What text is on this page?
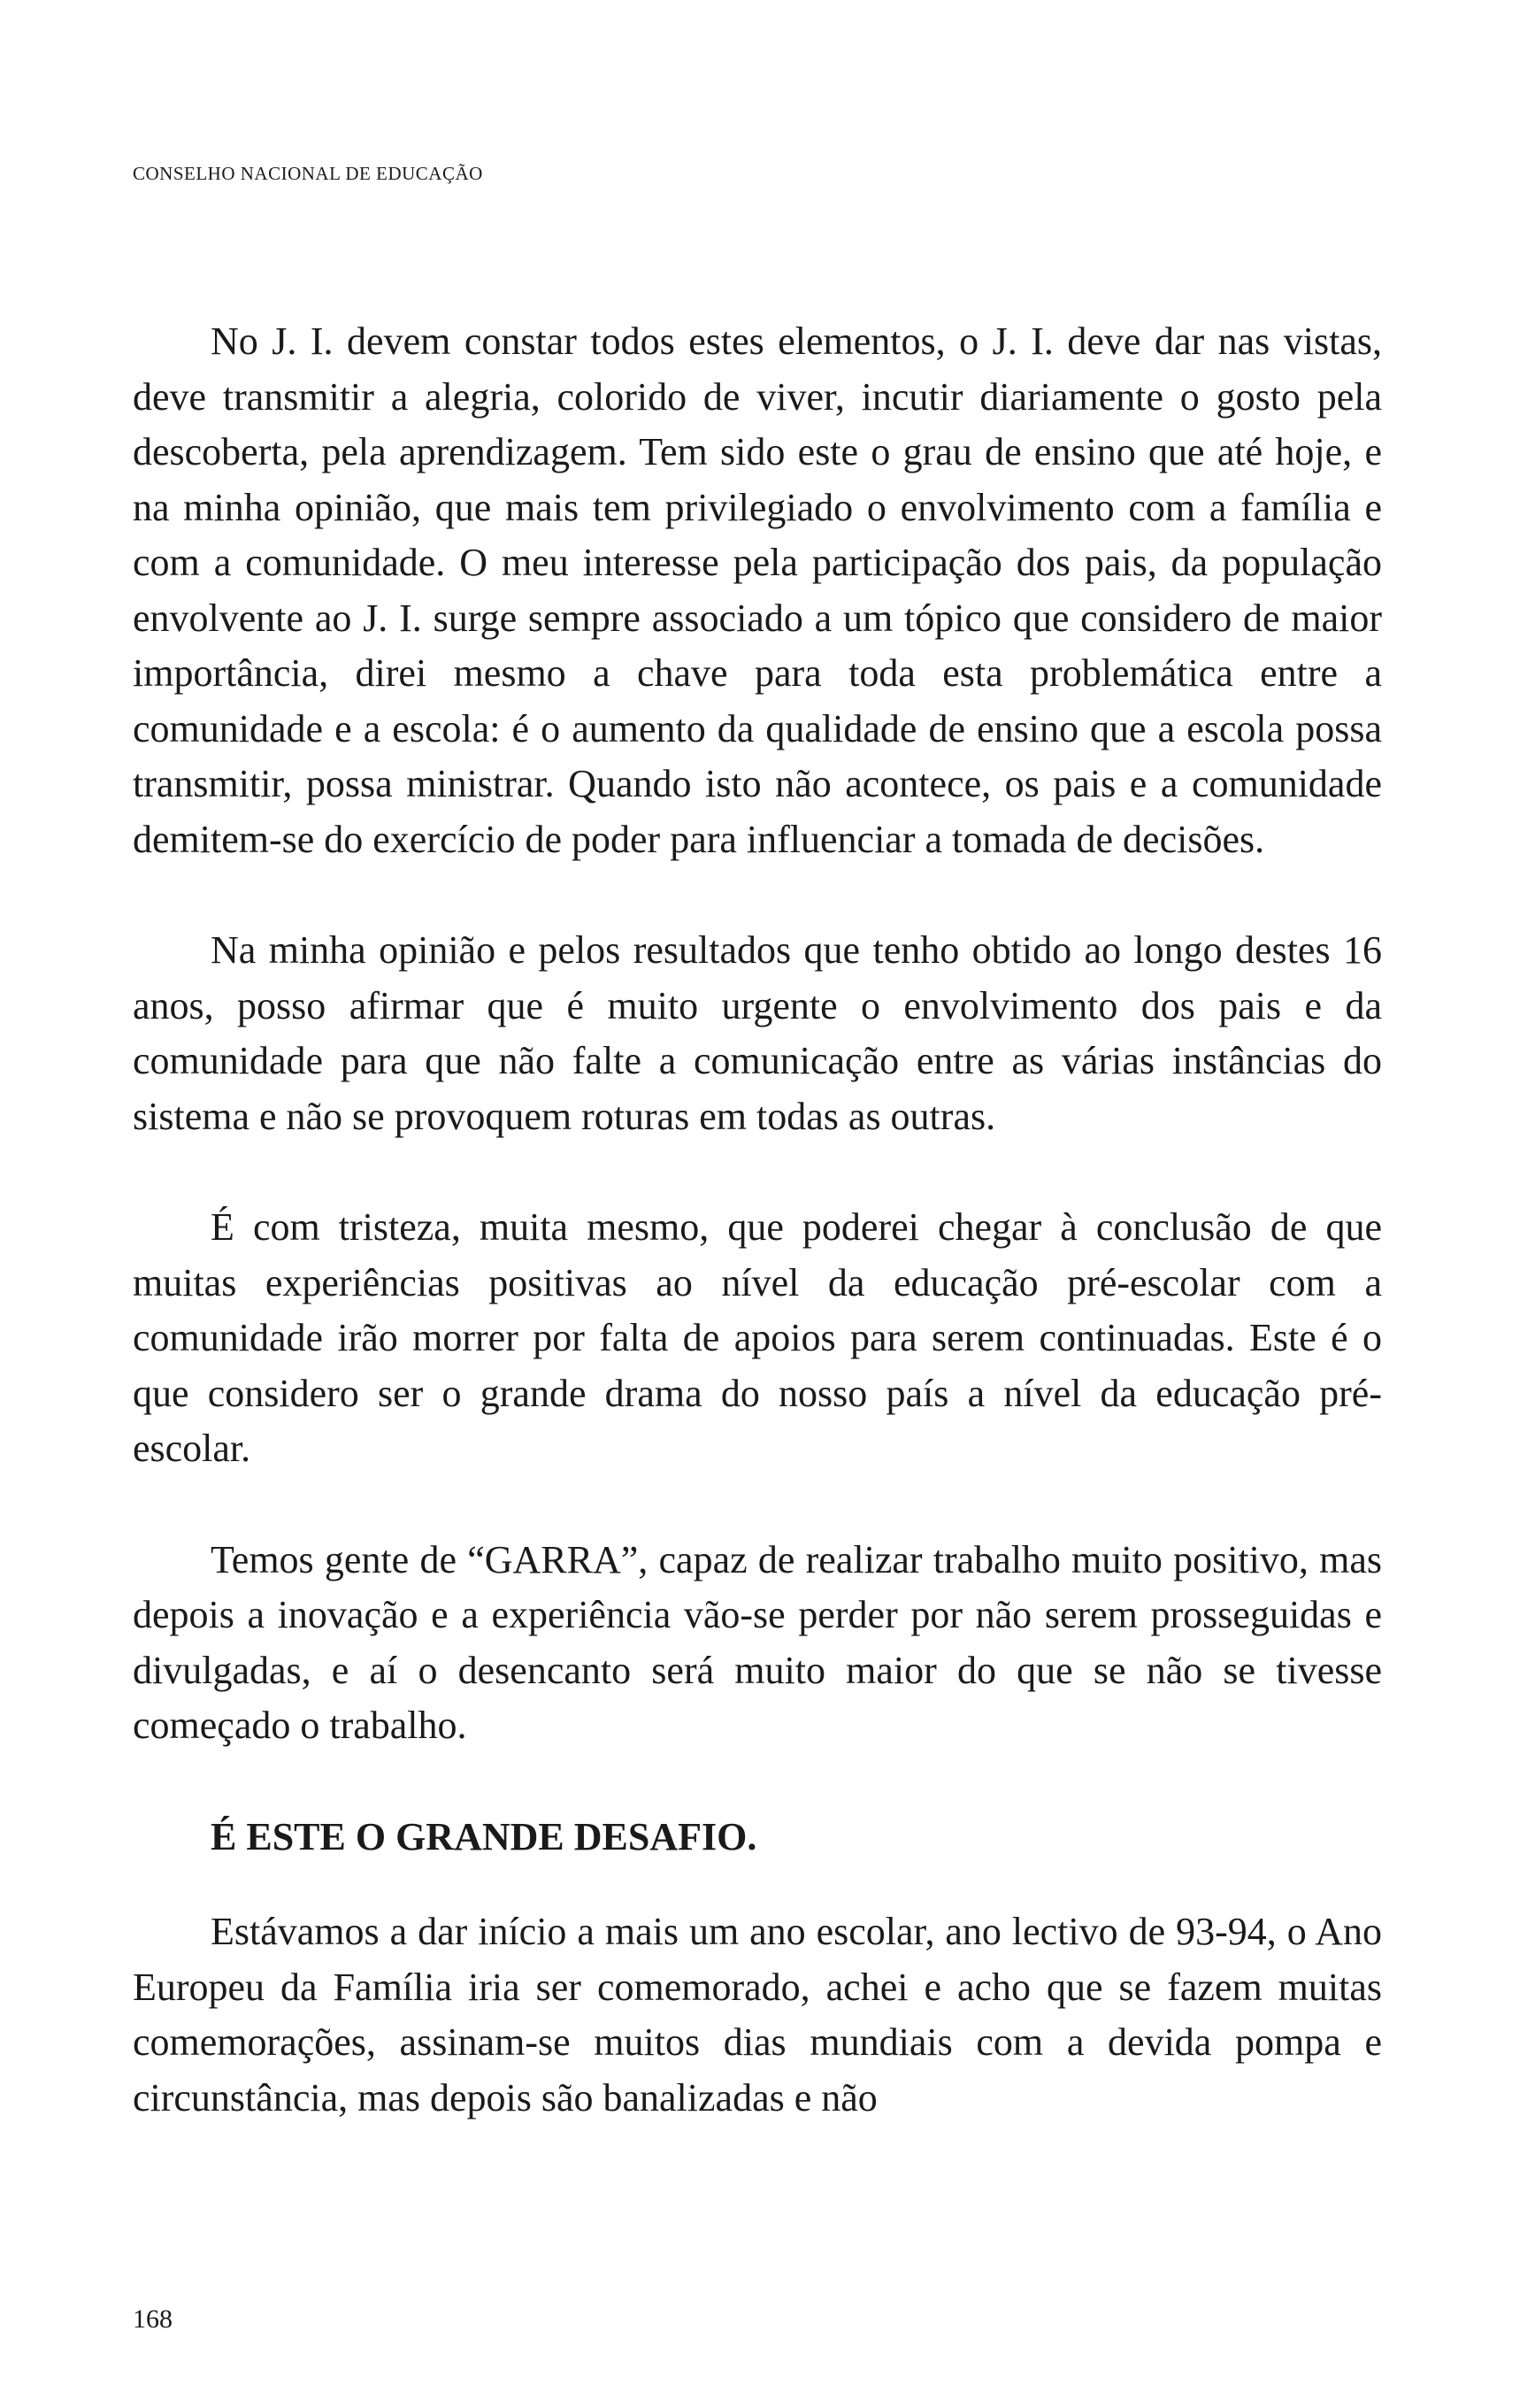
CONSELHO NACIONAL DE EDUCAÇÃO

No J. I. devem constar todos estes elementos, o J. I. deve dar nas vistas, deve transmitir a alegria, colorido de viver, incutir diariamente o gosto pela descoberta, pela aprendizagem. Tem sido este o grau de ensino que até hoje, e na minha opinião, que mais tem privilegiado o envolvimento com a família e com a comunidade. O meu interesse pela participação dos pais, da população envolvente ao J. I. surge sempre associado a um tópico que considero de maior importância, direi mesmo a chave para toda esta problemática entre a comunidade e a escola: é o aumento da qualidade de ensino que a escola possa transmitir, possa ministrar. Quando isto não acontece, os pais e a comunidade demitem-se do exercício de poder para influenciar a tomada de decisões.

Na minha opinião e pelos resultados que tenho obtido ao longo destes 16 anos, posso afirmar que é muito urgente o envolvimento dos pais e da comunidade para que não falte a comunicação entre as várias instâncias do sistema e não se provoquem roturas em todas as outras.

É com tristeza, muita mesmo, que poderei chegar à conclusão de que muitas experiências positivas ao nível da educação pré-escolar com a comunidade irão morrer por falta de apoios para serem continuadas. Este é o que considero ser o grande drama do nosso país a nível da educação pré-escolar.

Temos gente de “GARRA”, capaz de realizar trabalho muito positivo, mas depois a inovação e a experiência vão-se perder por não serem prosseguidas e divulgadas, e aí o desencanto será muito maior do que se não se tivesse começado o trabalho.

É ESTE O GRANDE DESAFIO.

Estávamos a dar início a mais um ano escolar, ano lectivo de 93-94, o Ano Europeu da Família iria ser comemorado, achei e acho que se fazem muitas comemorações, assinam-se muitos dias mundiais com a devida pompa e circunstância, mas depois são banalizadas e não

168
